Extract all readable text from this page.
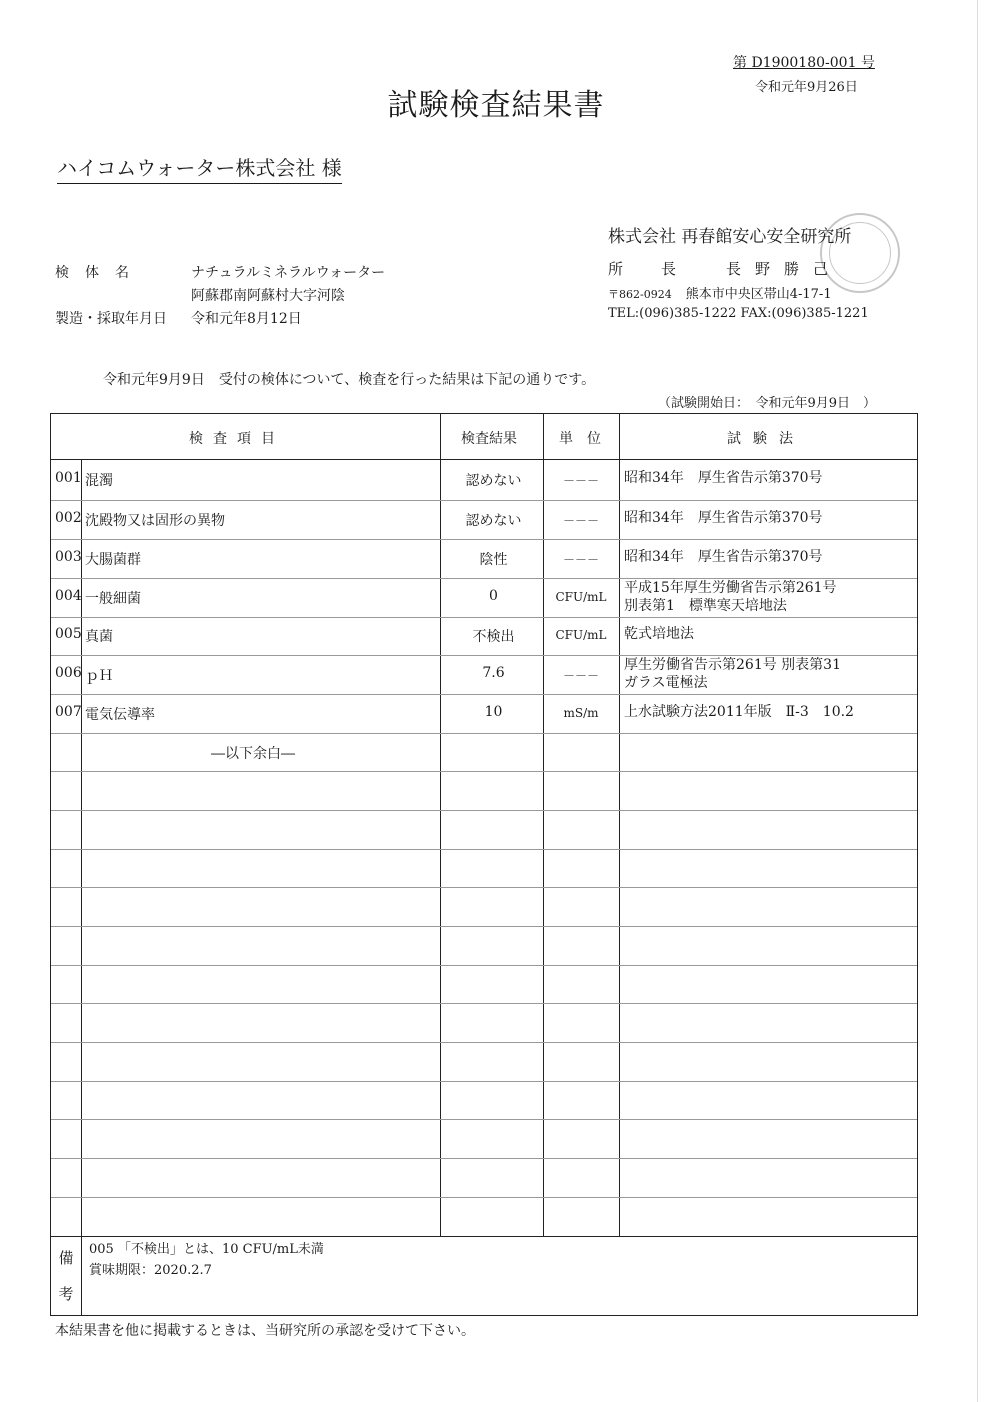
第 D1900180-001 号
令和元年9月26日
試験検査結果書
ハイコムウォーター株式会社 様
株式会社 再春館安心安全研究所
所長 長野勝己
〒862-0924 熊本市中央区帯山4-17-1
TEL:(096)385-1222 FAX:(096)385-1221
検体名	ナチュラルミネラルウォーター
阿蘇郡南阿蘇村大字河陰
製造・採取年月日 令和元年8月12日
令和元年9月9日　受付の検体について、検査を行った結果は下記の通りです。
（試験開始日：　令和元年9月9日　）
検査項目	検査結果	単位	試験法
001 混濁	認めない	－－－	昭和34年　厚生省告示第370号
002 沈殿物又は固形の異物	認めない	－－－	昭和34年　厚生省告示第370号
003 大腸菌群	陰性	－－－	昭和34年　厚生省告示第370号
004 一般細菌	0	CFU/mL
平成15年厚生労働省告示第261号
別表第1　標準寒天培地法
005 真菌	不検出	CFU/mL	乾式培地法
006 ｐＨ	7.6	－－－
厚生労働省告示第261号 別表第31
ガラス電極法
007 電気伝導率	10	mS/m	上水試験方法2011年版　Ⅱ-3　10.2
―以下余白―
備
考
005 「不検出」とは、10 CFU/mL未満
賞味期限：2020.2.7
本結果書を他に掲載するときは、当研究所の承認を受けて下さい。
